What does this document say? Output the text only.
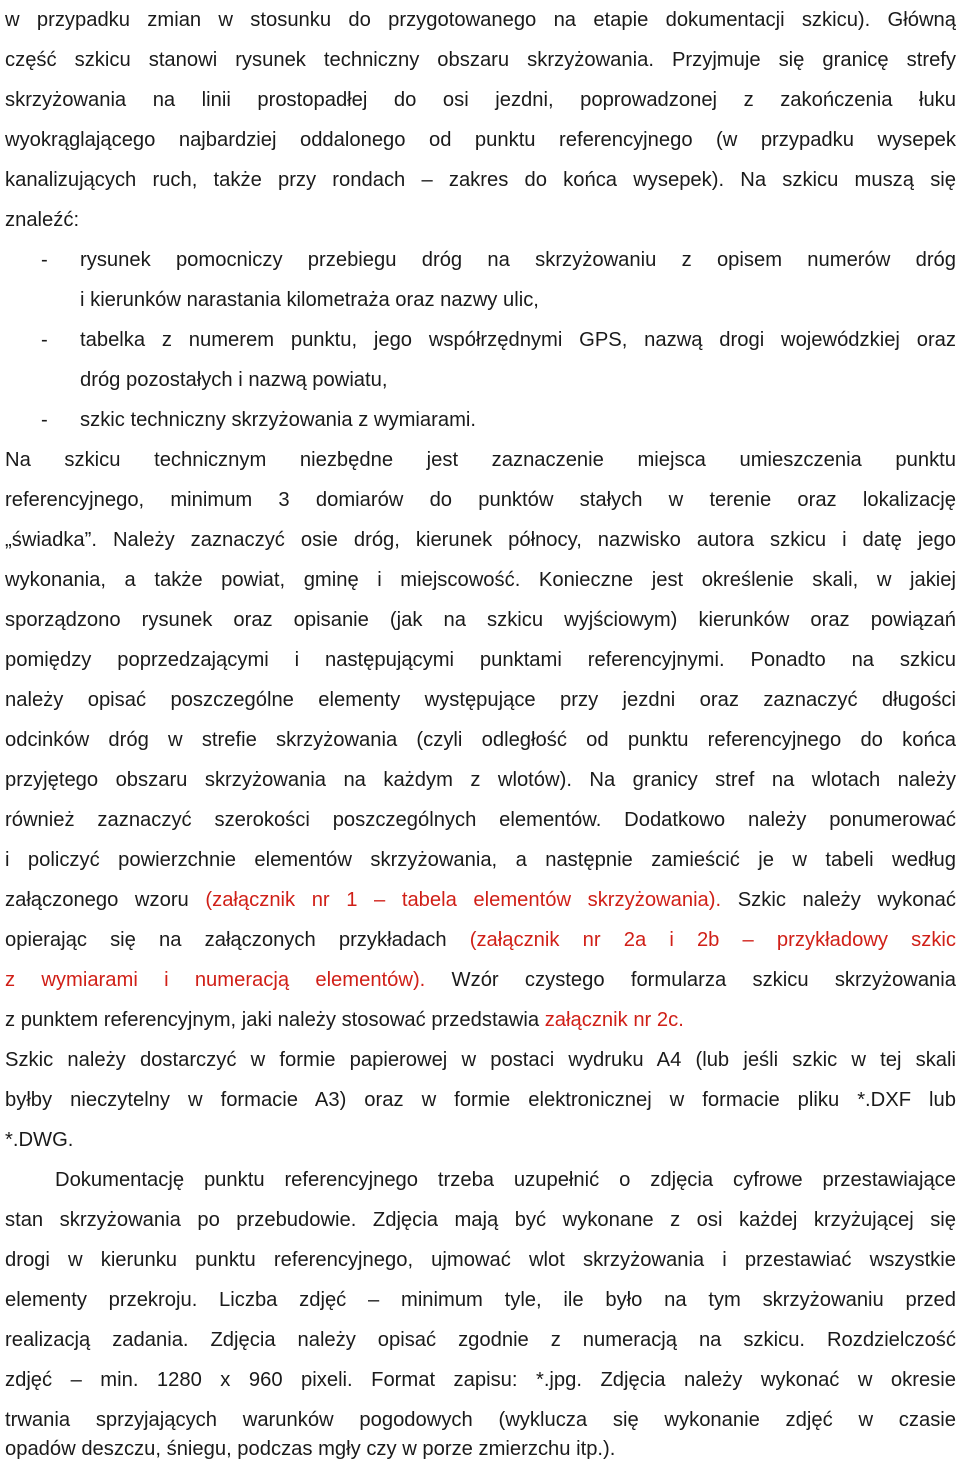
w przypadku zmian w stosunku do przygotowanego na etapie dokumentacji szkicu). Główną
część szkicu stanowi rysunek techniczny obszaru skrzyżowania. Przyjmuje się granicę strefy
skrzyżowania na linii prostopadłej do osi jezdni, poprowadzonej z zakończenia łuku
wyokrąglającego najbardziej oddalonego od punktu referencyjnego (w przypadku wysepek
kanalizujących ruch, także przy rondach – zakres do końca wysepek). Na szkicu muszą się
znaleźć:
- rysunek pomocniczy przebiegu dróg na skrzyżowaniu z opisem numerów dróg
i kierunków narastania kilometraża oraz nazwy ulic,
- tabelka z numerem punktu, jego współrzędnymi GPS, nazwą drogi wojewódzkiej oraz
dróg pozostałych i nazwą powiatu,
- szkic techniczny skrzyżowania z wymiarami.
Na szkicu technicznym niezbędne jest zaznaczenie miejsca umieszczenia punktu
referencyjnego, minimum 3 domiarów do punktów stałych w terenie oraz lokalizację
„świadka”. Należy zaznaczyć osie dróg, kierunek północy, nazwisko autora szkicu i datę jego
wykonania, a także powiat, gminę i miejscowość. Konieczne jest określenie skali, w jakiej
sporządzono rysunek oraz opisanie (jak na szkicu wyjściowym) kierunków oraz powiązań
pomiędzy poprzedzającymi i następującymi punktami referencyjnymi. Ponadto na szkicu
należy opisać poszczególne elementy występujące przy jezdni oraz zaznaczyć długości
odcinków dróg w strefie skrzyżowania (czyli odległość od punktu referencyjnego do końca
przyjętego obszaru skrzyżowania na każdym z wlotów). Na granicy stref na wlotach należy
również zaznaczyć szerokości poszczególnych elementów. Dodatkowo należy ponumerować
i policzyć powierzchnie elementów skrzyżowania, a następnie zamieścić je w tabeli według
załączonego wzoru (załącznik nr 1 – tabela elementów skrzyżowania). Szkic należy wykonać
opierając się na załączonych przykładach (załącznik nr 2a i 2b – przykładowy szkic
z wymiarami i numeracją elementów). Wzór czystego formularza szkicu skrzyżowania
z punktem referencyjnym, jaki należy stosować przedstawia załącznik nr 2c.
Szkic należy dostarczyć w formie papierowej w postaci wydruku A4 (lub jeśli szkic w tej skali
byłby nieczytelny w formacie A3) oraz w formie elektronicznej w formacie pliku *.DXF lub
*.DWG.
Dokumentację punktu referencyjnego trzeba uzupełnić o zdjęcia cyfrowe przestawiające
stan skrzyżowania po przebudowie. Zdjęcia mają być wykonane z osi każdej krzyżującej się
drogi w kierunku punktu referencyjnego, ujmować wlot skrzyżowania i przestawiać wszystkie
elementy przekroju. Liczba zdjęć – minimum tyle, ile było na tym skrzyżowaniu przed
realizacją zadania. Zdjęcia należy opisać zgodnie z numeracją na szkicu. Rozdzielczość
zdjęć – min. 1280 x 960 pixeli. Format zapisu: *.jpg. Zdjęcia należy wykonać w okresie
trwania sprzyjających warunków pogodowych (wyklucza się wykonanie zdjęć w czasie
opadów deszczu, śniegu, podczas mgły czy w porze zmierzchu itp.).
